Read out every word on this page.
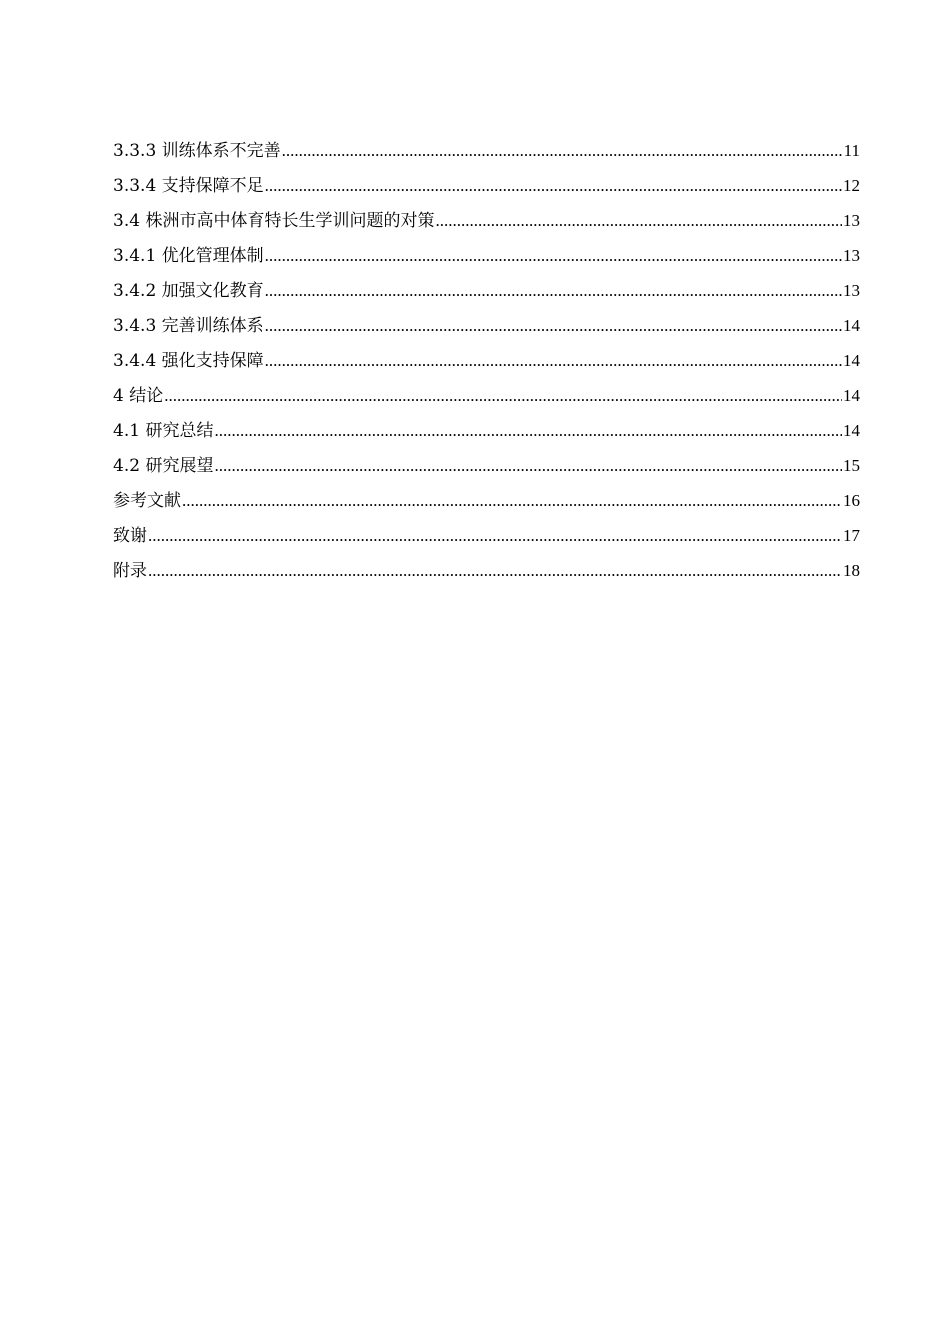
3.3.3 训练体系不完善 .....	11
3.3.4 支持保障不足 .....	12
3.4 株洲市高中体育特长生学训问题的对策 .....	13
3.4.1 优化管理体制 .....	13
3.4.2 加强文化教育 .....	13
3.4.3 完善训练体系 .....	14
3.4.4 强化支持保障 .....	14
4 结论 .....	14
4.1 研究总结 .....	14
4.2 研究展望 .....	15
参考文献 .....	16
致谢 .....	17
附录 .....	18
